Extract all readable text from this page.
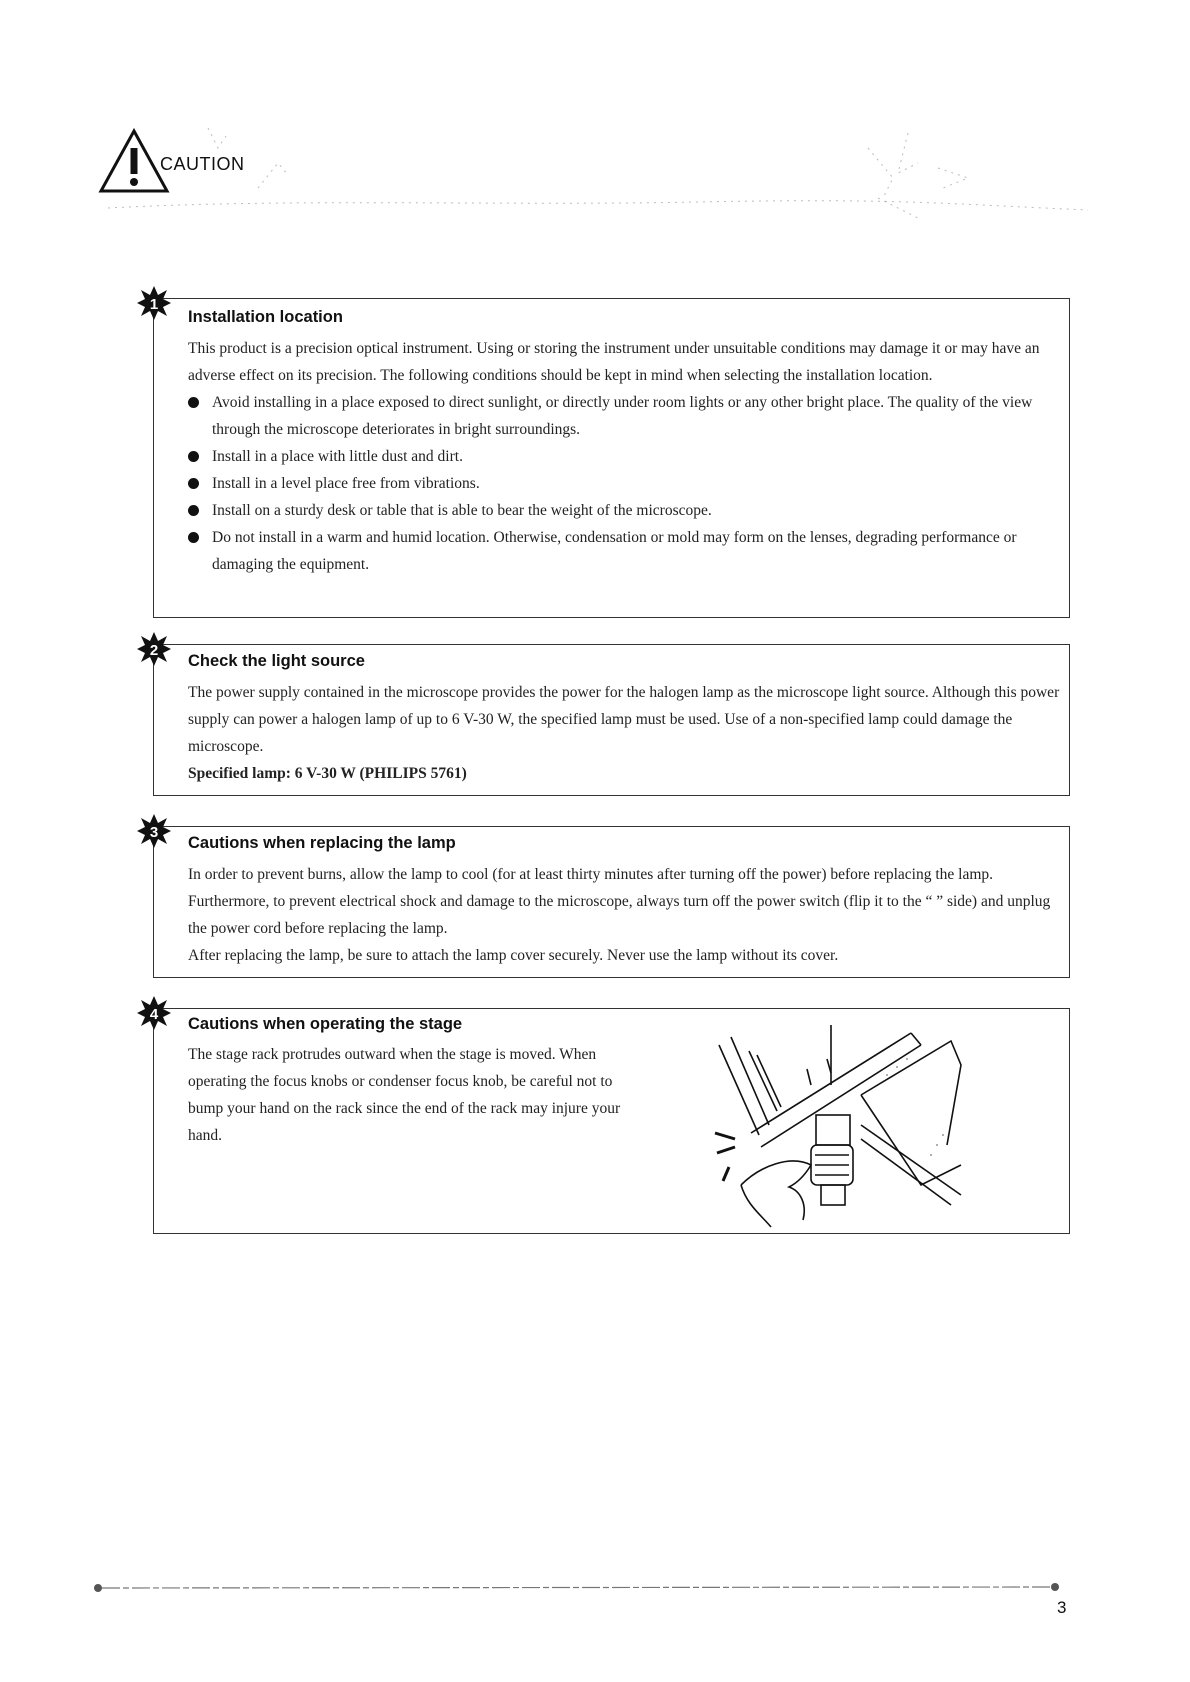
CAUTION
1
Installation location

This product is a precision optical instrument. Using or storing the instrument under unsuitable conditions may damage it or may have an adverse effect on its precision. The following conditions should be kept in mind when selecting the installation location.

Avoid installing in a place exposed to direct sunlight, or directly under room lights or any other bright place. The quality of the view through the microscope deteriorates in bright surroundings.
Install in a place with little dust and dirt.
Install in a level place free from vibrations.
Install on a sturdy desk or table that is able to bear the weight of the microscope.
Do not install in a warm and humid location. Otherwise, condensation or mold may form on the lenses, degrading performance or damaging the equipment.
2
Check the light source

The power supply contained in the microscope provides the power for the halogen lamp as the microscope light source. Although this power supply can power a halogen lamp of up to 6 V-30 W, the specified lamp must be used. Use of a non-specified lamp could damage the microscope.

Specified lamp: 6 V-30 W (PHILIPS 5761)

3
Cautions when replacing the lamp

In order to prevent burns, allow the lamp to cool (for at least thirty minutes after turning off the power) before replacing the lamp. Furthermore, to prevent electrical shock and damage to the microscope, always turn off the power switch (flip it to the “ ” side) and unplug the power cord before replacing the lamp.

After replacing the lamp, be sure to attach the lamp cover securely. Never use the lamp without its cover.

4
Cautions when operating the stage

The stage rack protrudes outward when the stage is moved. When operating the focus knobs or condenser focus knob, be careful not to bump your hand on the rack since the end of the rack may injure your hand.

3
